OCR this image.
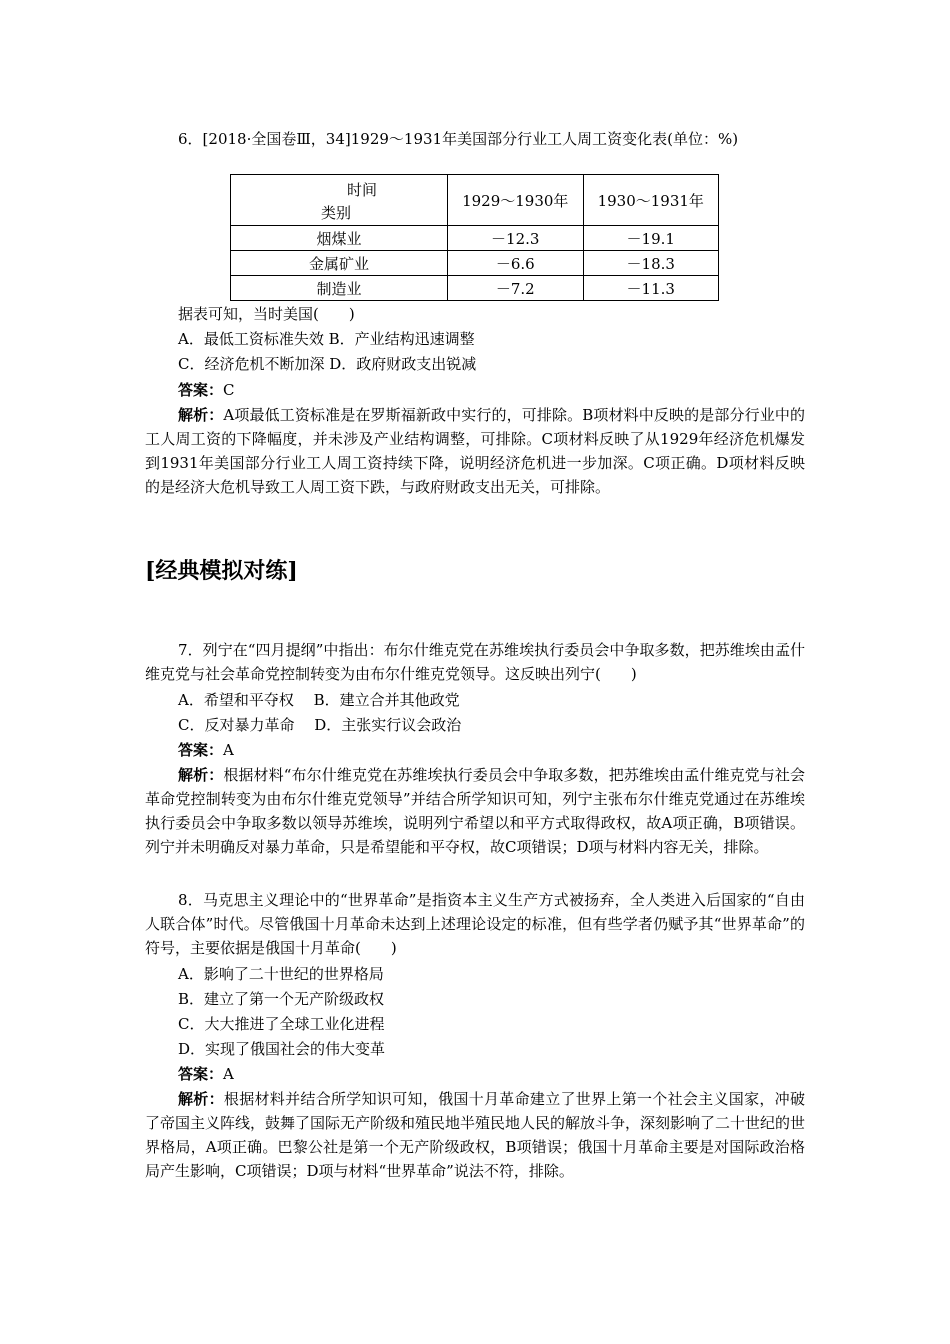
6．[2018·全国卷Ⅲ，34]1929～1931年美国部分行业工人周工资变化表(单位：%)
时间
类别	1929～1930年	1930～1931年
烟煤业	－12.3	－19.1
金属矿业	－6.6	－18.3
制造业	－7.2	－11.3
据表可知，当时美国(　　)
A．最低工资标准失效 B．产业结构迅速调整
C．经济危机不断加深 D．政府财政支出锐减
答案：C
解析：A项最低工资标准是在罗斯福新政中实行的，可排除。B项材料中反映的是部分行业中的工人周工资的下降幅度，并未涉及产业结构调整，可排除。C项材料反映了从1929年经济危机爆发到1931年美国部分行业工人周工资持续下降，说明经济危机进一步加深。C项正确。D项材料反映的是经济大危机导致工人周工资下跌，与政府财政支出无关，可排除。
[经典模拟对练]
7．列宁在“四月提纲”中指出：布尔什维克党在苏维埃执行委员会中争取多数，把苏维埃由孟什维克党与社会革命党控制转变为由布尔什维克党领导。这反映出列宁(　　)
A．希望和平夺权　 B．建立合并其他政党
C．反对暴力革命　 D．主张实行议会政治
答案：A
解析：根据材料“布尔什维克党在苏维埃执行委员会中争取多数，把苏维埃由孟什维克党与社会革命党控制转变为由布尔什维克党领导”并结合所学知识可知，列宁主张布尔什维克党通过在苏维埃执行委员会中争取多数以领导苏维埃，说明列宁希望以和平方式取得政权，故A项正确，B项错误。列宁并未明确反对暴力革命，只是希望能和平夺权，故C项错误；D项与材料内容无关，排除。
8．马克思主义理论中的“世界革命”是指资本主义生产方式被扬弃，全人类进入后国家的“自由人联合体”时代。尽管俄国十月革命未达到上述理论设定的标准，但有些学者仍赋予其“世界革命”的符号，主要依据是俄国十月革命(　　)
A．影响了二十世纪的世界格局
B．建立了第一个无产阶级政权
C．大大推进了全球工业化进程
D．实现了俄国社会的伟大变革
答案：A
解析：根据材料并结合所学知识可知，俄国十月革命建立了世界上第一个社会主义国家，冲破了帝国主义阵线，鼓舞了国际无产阶级和殖民地半殖民地人民的解放斗争，深刻影响了二十世纪的世界格局，A项正确。巴黎公社是第一个无产阶级政权，B项错误；俄国十月革命主要是对国际政治格局产生影响，C项错误；D项与材料“世界革命”说法不符，排除。
